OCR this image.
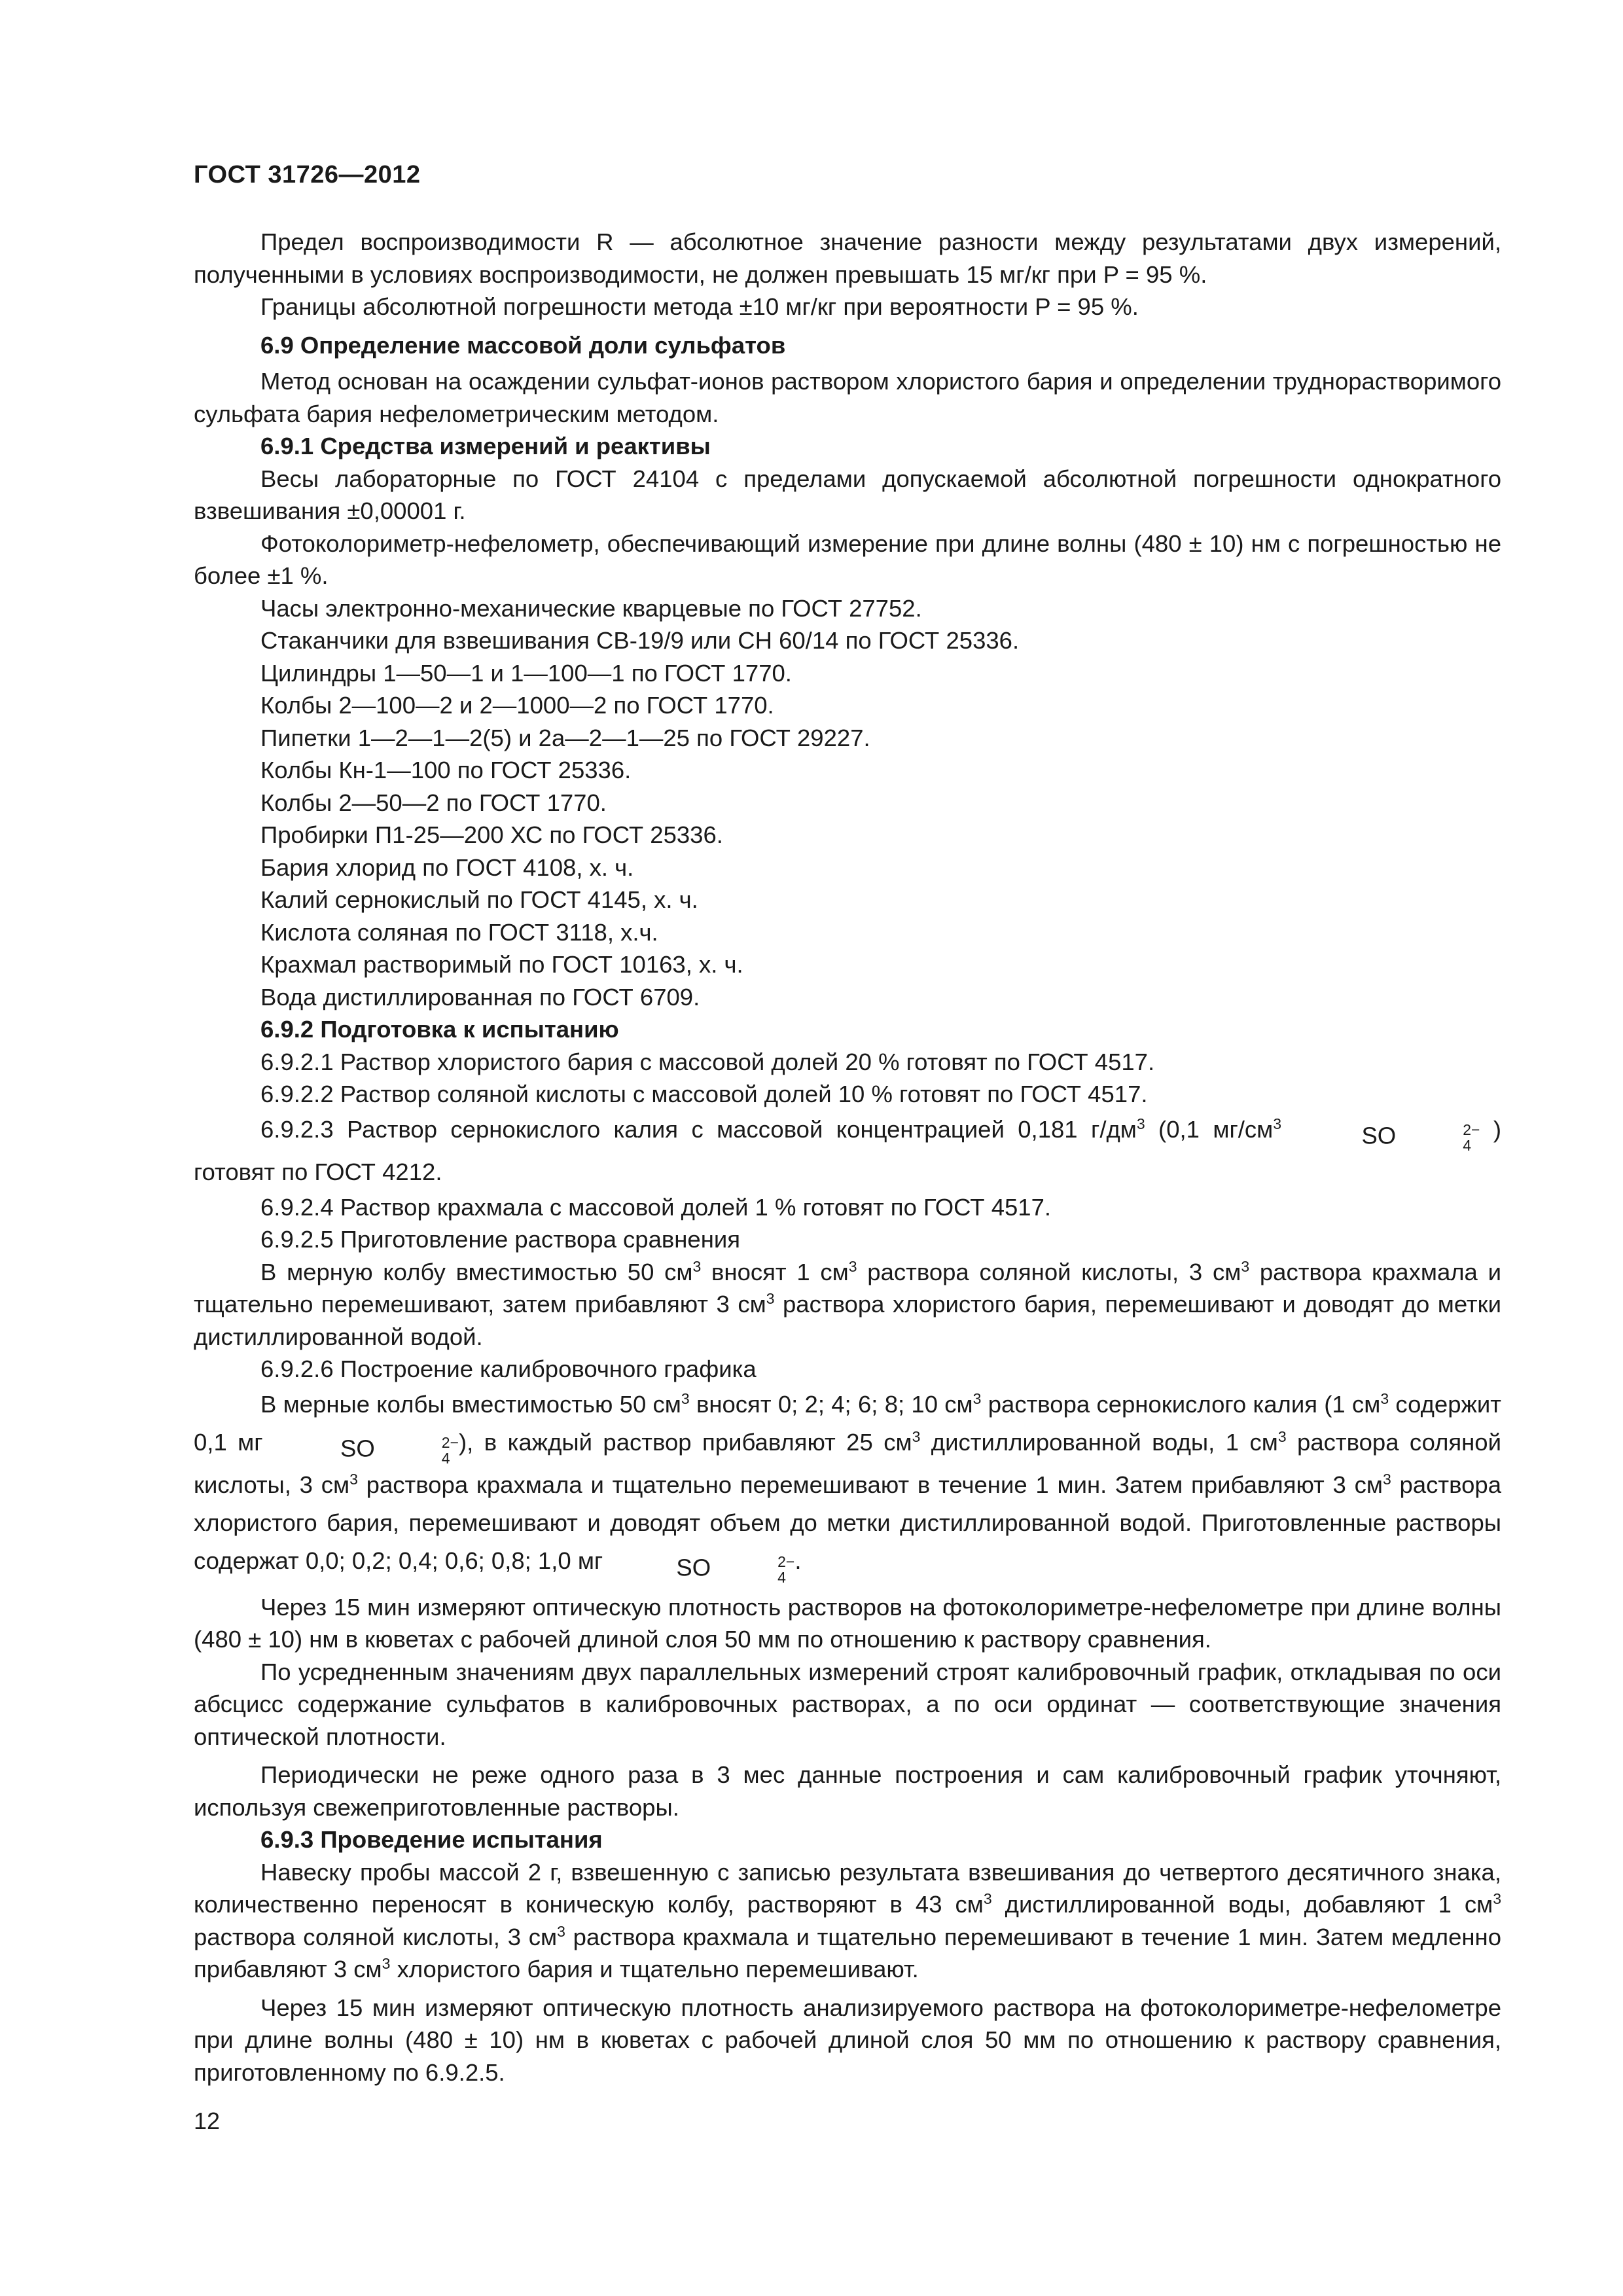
ГОСТ 31726—2012

Предел воспроизводимости R — абсолютное значение разности между результатами двух измерений, полученными в условиях воспроизводимости, не должен превышать 15 мг/кг при P = 95 %.

Границы абсолютной погрешности метода ±10 мг/кг при вероятности P = 95 %.

6.9 Определение массовой доли сульфатов

Метод основан на осаждении сульфат-ионов раствором хлористого бария и определении труднорастворимого сульфата бария нефелометрическим методом.

6.9.1 Средства измерений и реактивы

Весы лабораторные по ГОСТ 24104 с пределами допускаемой абсолютной погрешности однократного взвешивания ±0,00001 г.

Фотоколориметр-нефелометр, обеспечивающий измерение при длине волны (480 ± 10) нм с погрешностью не более ±1 %.

Часы электронно-механические кварцевые по ГОСТ 27752.

Стаканчики для взвешивания СВ-19/9 или СН 60/14 по ГОСТ 25336.

Цилиндры 1—50—1 и 1—100—1 по ГОСТ 1770.

Колбы 2—100—2 и 2—1000—2 по ГОСТ 1770.

Пипетки 1—2—1—2(5) и 2а—2—1—25 по ГОСТ 29227.

Колбы Кн-1—100 по ГОСТ 25336.

Колбы 2—50—2 по ГОСТ 1770.

Пробирки П1-25—200 ХС по ГОСТ 25336.

Бария хлорид по ГОСТ 4108, х. ч.

Калий сернокислый по ГОСТ 4145, х. ч.

Кислота соляная по ГОСТ 3118, х.ч.

Крахмал растворимый по ГОСТ 10163, х. ч.

Вода дистиллированная по ГОСТ 6709.

6.9.2 Подготовка к испытанию

6.9.2.1 Раствор хлористого бария с массовой долей 20 % готовят по ГОСТ 4517.

6.9.2.2 Раствор соляной кислоты с массовой долей 10 % готовят по ГОСТ 4517.

6.9.2.3 Раствор сернокислого калия с массовой концентрацией 0,181 $г/дм^3$ (0,1 $мг/см^3$	SO	2−
4
) готовят по ГОСТ 4212.

6.9.2.4 Раствор крахмала с массовой долей 1 % готовят по ГОСТ 4517.

6.9.2.5 Приготовление раствора сравнения

В мерную колбу вместимостью 50 $см^3$ вносят 1 $см^3$ раствора соляной кислоты, 3 $см^3$ раствора крахмала и тщательно перемешивают, затем прибавляют 3 $см^3$ раствора хлористого бария, перемешивают и доводят до метки дистиллированной водой.

6.9.2.6 Построение калибровочного графика

В мерные колбы вместимостью 50 $см^3$ вносят 0; 2; 4; 6; 8; 10 $см^3$ раствора сернокислого калия (1 $см^3$ содержит 0,1 мг	SO	2−
4
), в каждый раствор прибавляют 25 $см^3$ дистиллированной воды, 1 $см^3$ раствора соляной кислоты, 3 $см^3$ раствора крахмала и тщательно перемешивают в течение 1 мин. Затем прибавляют 3 $см^3$ раствора хлористого бария, перемешивают и доводят объем до метки дистиллированной водой. Приготовленные растворы содержат 0,0; 0,2; 0,4; 0,6; 0,8; 1,0 мг	SO	2−
4
.

Через 15 мин измеряют оптическую плотность растворов на фотоколориметре-нефелометре при длине волны (480 ± 10) нм в кюветах с рабочей длиной слоя 50 мм по отношению к раствору сравнения.

По усредненным значениям двух параллельных измерений строят калибровочный график, откладывая по оси абсцисс содержание сульфатов в калибровочных растворах, а по оси ординат — соответствующие значения оптической плотности.

Периодически не реже одного раза в 3 мес данные построения и сам калибровочный график уточняют, используя свежеприготовленные растворы.

6.9.3 Проведение испытания

Навеску пробы массой 2 г, взвешенную с записью результата взвешивания до четвертого десятичного знака, количественно переносят в коническую колбу, растворяют в 43 $см^3$ дистиллированной воды, добавляют 1 $см^3$ раствора соляной кислоты, 3 $см^3$ раствора крахмала и тщательно перемешивают в течение 1 мин. Затем медленно прибавляют 3 $см^3$ хлористого бария и тщательно перемешивают.

Через 15 мин измеряют оптическую плотность анализируемого раствора на фотоколориметре-нефелометре при длине волны (480 ± 10) нм в кюветах с рабочей длиной слоя 50 мм по отношению к раствору сравнения, приготовленному по 6.9.2.5.

12
